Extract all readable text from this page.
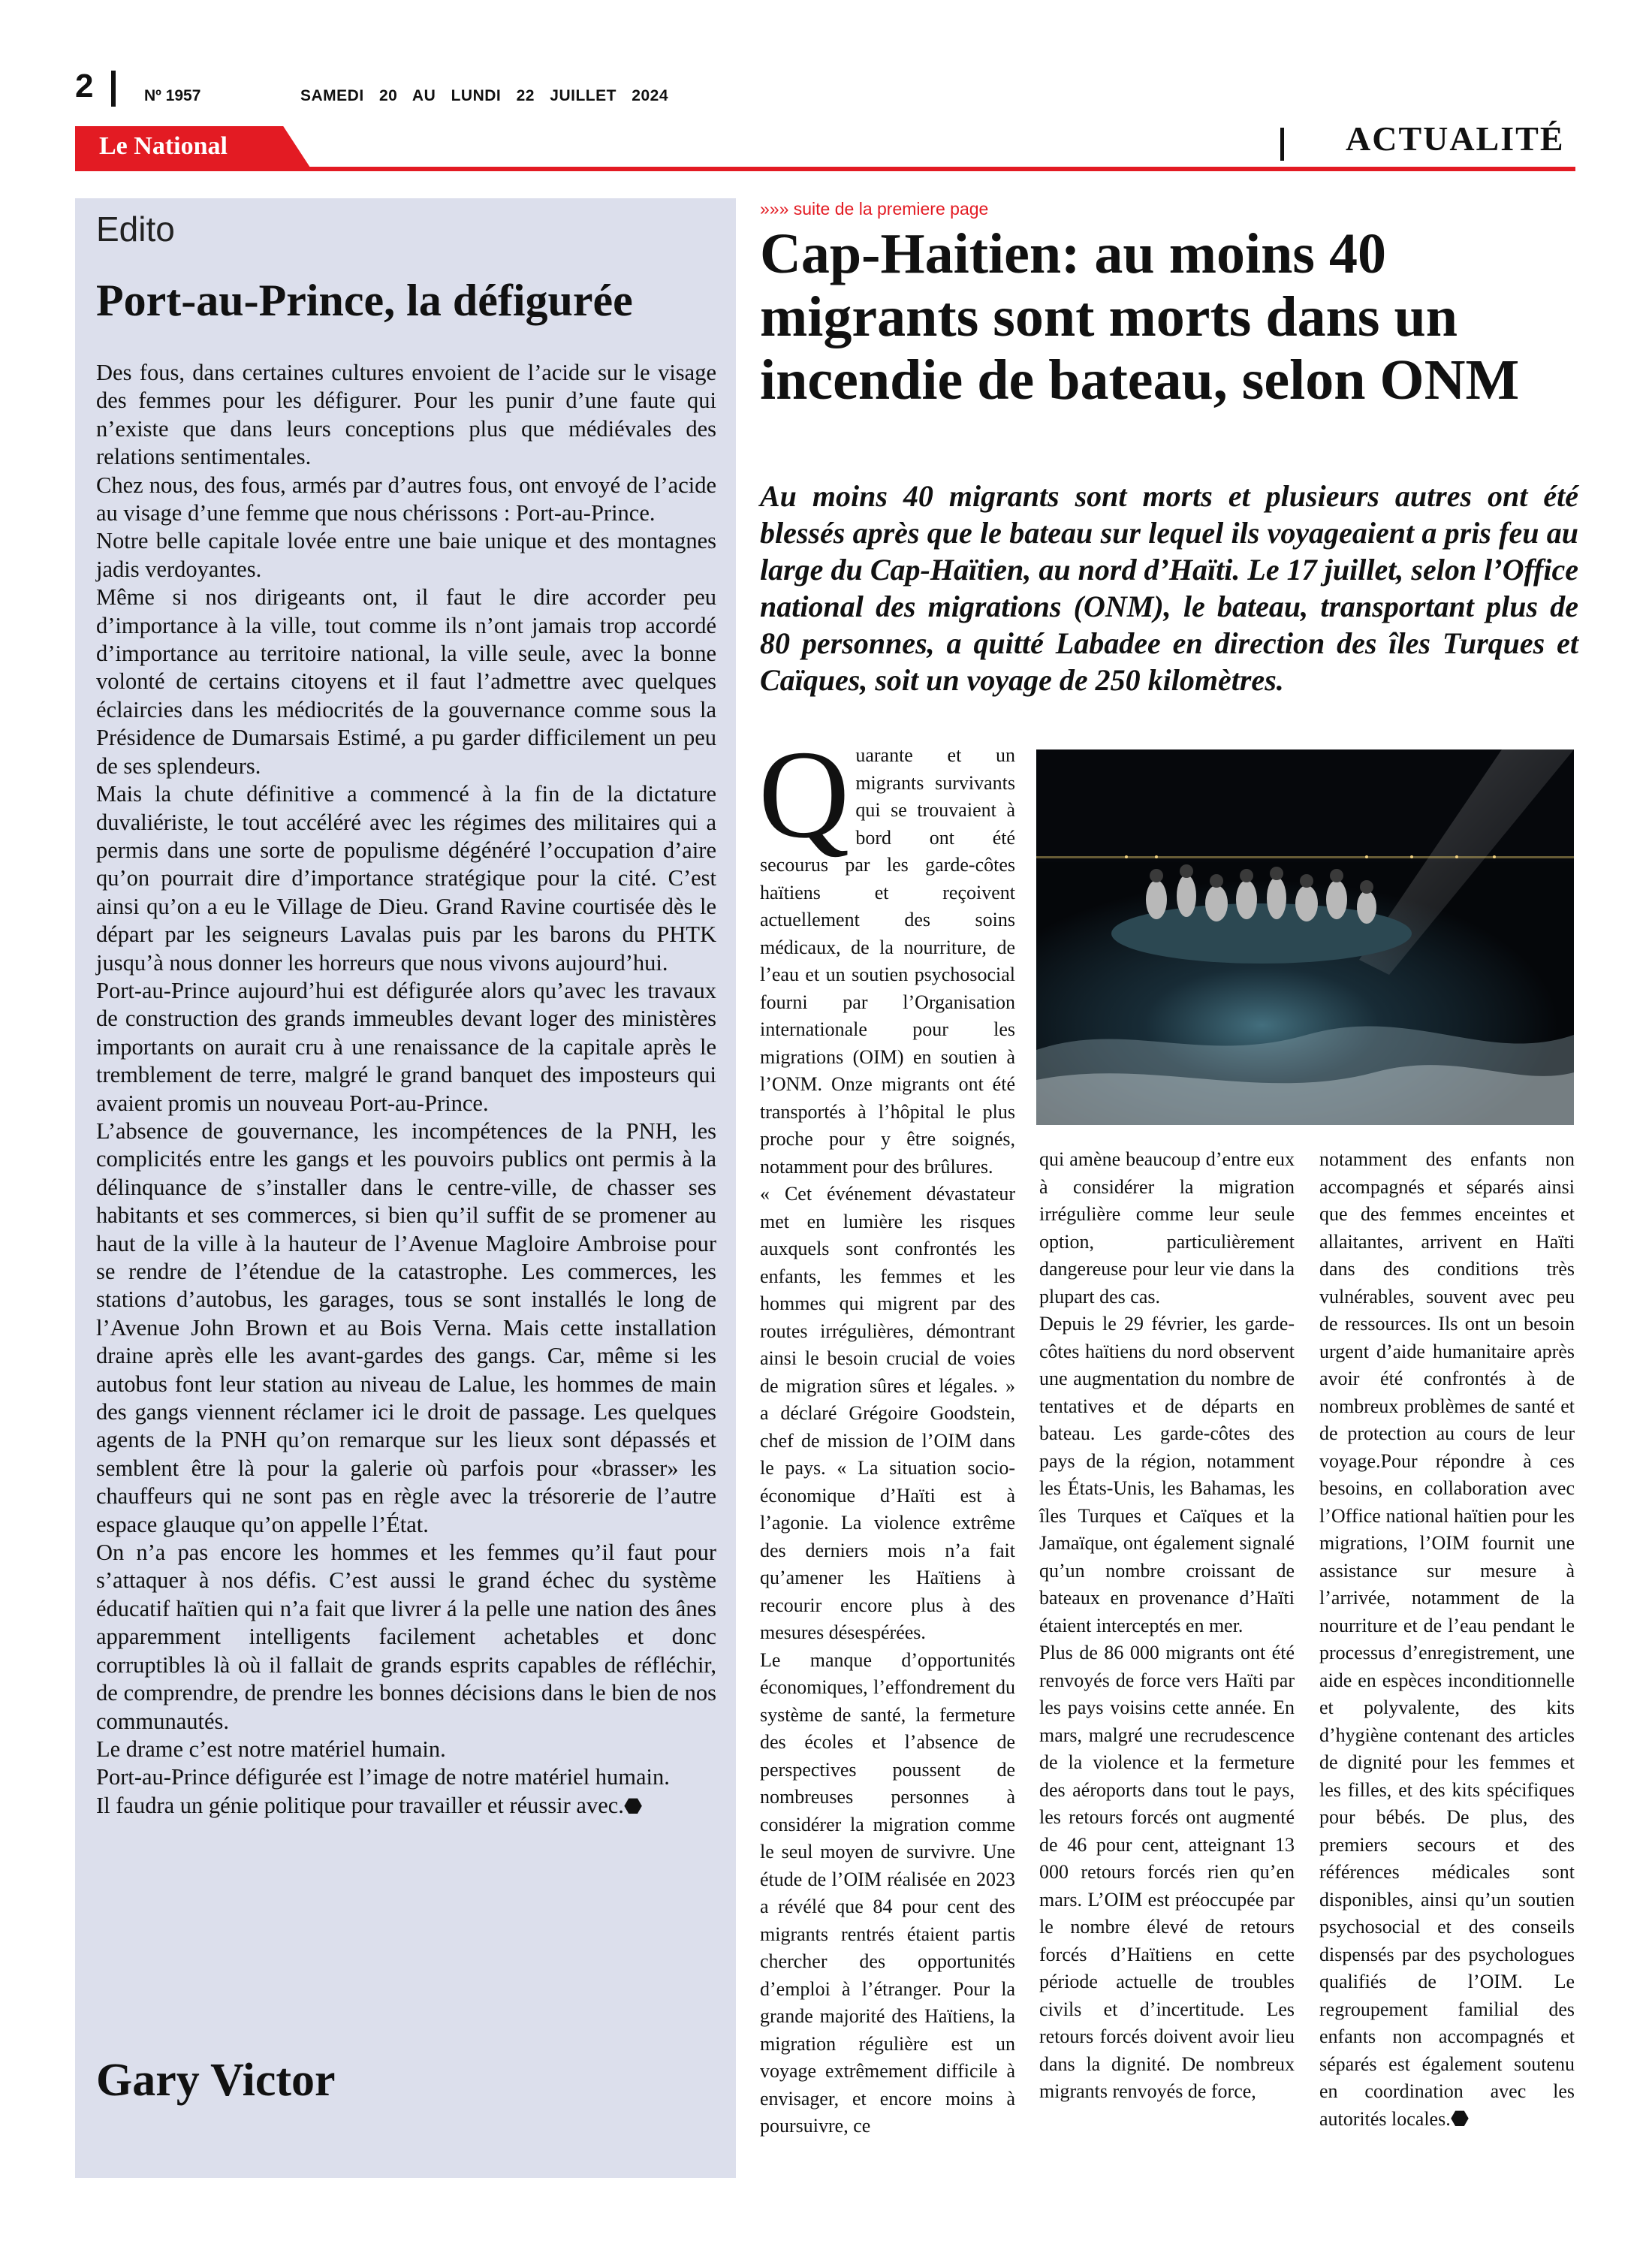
2	Nº 1957	SAMEDI 20 AU LUNDI 22 JUILLET 2024
Le National	ACTUALITÉ
Edito
Port-au-Prince, la défigurée

Des fous, dans certaines cultures envoient de l’acide sur le visage des femmes pour les défigurer. Pour les punir d’une faute qui n’existe que dans leurs conceptions plus que médiévales des relations sentimentales.

Chez nous, des fous, armés par d’autres fous, ont envoyé de l’acide au visage d’une femme que nous chérissons : Port-au-Prince.

Notre belle capitale lovée entre une baie unique et des montagnes jadis verdoyantes.

Même si nos dirigeants ont, il faut le dire accorder peu d’importance à la ville, tout comme ils n’ont jamais trop accordé d’importance au territoire national, la ville seule, avec la bonne volonté de certains citoyens et il faut l’admettre avec quelques éclaircies dans les médiocrités de la gouvernance comme sous la Présidence de Dumarsais Estimé, a pu garder difficilement un peu de ses splendeurs.

Mais la chute définitive a commencé à la fin de la dictature duvaliériste, le tout accéléré avec les régimes des militaires qui a permis dans une sorte de populisme dégénéré l’occupation d’aire qu’on pourrait dire d’importance stratégique pour la cité. C’est ainsi qu’on a eu le Village de Dieu. Grand Ravine courtisée dès le départ par les seigneurs Lavalas puis par les barons du PHTK jusqu’à nous donner les horreurs que nous vivons aujourd’hui.

Port-au-Prince aujourd’hui est défigurée alors qu’avec les travaux de construction des grands immeubles devant loger des ministères importants on aurait cru à une renaissance de la capitale après le tremblement de terre, malgré le grand banquet des imposteurs qui avaient promis un nouveau Port-au-Prince.

L’absence de gouvernance, les incompétences de la PNH, les complicités entre les gangs et les pouvoirs publics ont permis à la délinquance de s’installer dans le centre-ville, de chasser ses habitants et ses commerces, si bien qu’il suffit de se promener au haut de la ville à la hauteur de l’Avenue Magloire Ambroise pour se rendre de l’étendue de la catastrophe. Les commerces, les stations d’autobus, les garages, tous se sont installés le long de l’Avenue John Brown et au Bois Verna. Mais cette installation draine après elle les avant-gardes des gangs. Car, même si les autobus font leur station au niveau de Lalue, les hommes de main des gangs viennent réclamer ici le droit de passage. Les quelques agents de la PNH qu’on remarque sur les lieux sont dépassés et semblent être là pour la galerie où parfois pour «brasser» les chauffeurs qui ne sont pas en règle avec la trésorerie de l’autre espace glauque qu’on appelle l’État.

On n’a pas encore les hommes et les femmes qu’il faut pour s’attaquer à nos défis. C’est aussi le grand échec du système éducatif haïtien qui n’a fait que livrer á la pelle une nation des ânes apparemment intelligents facilement achetables et donc corruptibles là où il fallait de grands esprits capables de réfléchir, de comprendre, de prendre les bonnes décisions dans le bien de nos communautés.

Le drame c’est notre matériel humain.

Port-au-Prince défigurée est l’image de notre matériel humain.

Il faudra un génie politique pour travailler et réussir avec.⬣

Gary Victor
»»» suite de la premiere page
Cap-Haitien: au moins 40 migrants sont morts dans un incendie de bateau, selon ONM
Au moins 40 migrants sont morts et plusieurs autres ont été blessés après que le bateau sur lequel ils voyageaient a pris feu au large du Cap-Haïtien, au nord d’Haïti. Le 17 juillet, selon l’Office national des migrations (ONM), le bateau, transportant plus de 80 personnes, a quitté Labadee en direction des îles Turques et Caïques, soit un voyage de 250 kilomètres.

Quarante et un migrants survivants qui se trouvaient à bord ont été secourus par les garde-côtes haïtiens et reçoivent actuellement des soins médicaux, de la nourriture, de l’eau et un soutien psychosocial fourni par l’Organisation internationale pour les migrations (OIM) en soutien à l’ONM. Onze migrants ont été transportés à l’hôpital le plus proche pour y être soignés, notamment pour des brûlures.

« Cet événement dévastateur met en lumière les risques auxquels sont confrontés les enfants, les femmes et les hommes qui migrent par des routes irrégulières, démontrant ainsi le besoin crucial de voies de migration sûres et légales. » a déclaré Grégoire Goodstein, chef de mission de l’OIM dans le pays. « La situation socio-économique d’Haïti est à l’agonie. La violence extrême des derniers mois n’a fait qu’amener les Haïtiens à recourir encore plus à des mesures désespérées.

Le manque d’opportunités économiques, l’effondrement du système de santé, la fermeture des écoles et l’absence de perspectives poussent de nombreuses personnes à considérer la migration comme le seul moyen de survivre. Une étude de l’OIM réalisée en 2023 a révélé que 84 pour cent des migrants rentrés étaient partis chercher des opportunités d’emploi à l’étranger. Pour la grande majorité des Haïtiens, la migration régulière est un voyage extrêmement difficile à envisager, et encore moins à poursuivre, ce

qui amène beaucoup d’entre eux à considérer la migration irrégulière comme leur seule option, particulièrement dangereuse pour leur vie dans la plupart des cas.

Depuis le 29 février, les garde-côtes haïtiens du nord observent une augmentation du nombre de tentatives et de départs en bateau. Les garde-côtes des pays de la région, notamment les États-Unis, les Bahamas, les îles Turques et Caïques et la Jamaïque, ont également signalé qu’un nombre croissant de bateaux en provenance d’Haïti étaient interceptés en mer.

Plus de 86 000 migrants ont été renvoyés de force vers Haïti par les pays voisins cette année. En mars, malgré une recrudescence de la violence et la fermeture des aéroports dans tout le pays, les retours forcés ont augmenté de 46 pour cent, atteignant 13 000 retours forcés rien qu’en mars. L’OIM est préoccupée par le nombre élevé de retours forcés d’Haïtiens en cette période actuelle de troubles civils et d’incertitude. Les retours forcés doivent avoir lieu dans la dignité. De nombreux migrants renvoyés de force,

notamment des enfants non accompagnés et séparés ainsi que des femmes enceintes et allaitantes, arrivent en Haïti dans des conditions très vulnérables, souvent avec peu de ressources. Ils ont un besoin urgent d’aide humanitaire après avoir été confrontés à de nombreux problèmes de santé et de protection au cours de leur voyage.Pour répondre à ces besoins, en collaboration avec l’Office national haïtien pour les migrations, l’OIM fournit une assistance sur mesure à l’arrivée, notamment de la nourriture et de l’eau pendant le processus d’enregistrement, une aide en espèces inconditionnelle et polyvalente, des kits d’hygiène contenant des articles de dignité pour les femmes et les filles, et des kits spécifiques pour bébés. De plus, des premiers secours et des références médicales sont disponibles, ainsi qu’un soutien psychosocial et des conseils dispensés par des psychologues qualifiés de l’OIM. Le regroupement familial des enfants non accompagnés et séparés est également soutenu en coordination avec les autorités locales.⬣
